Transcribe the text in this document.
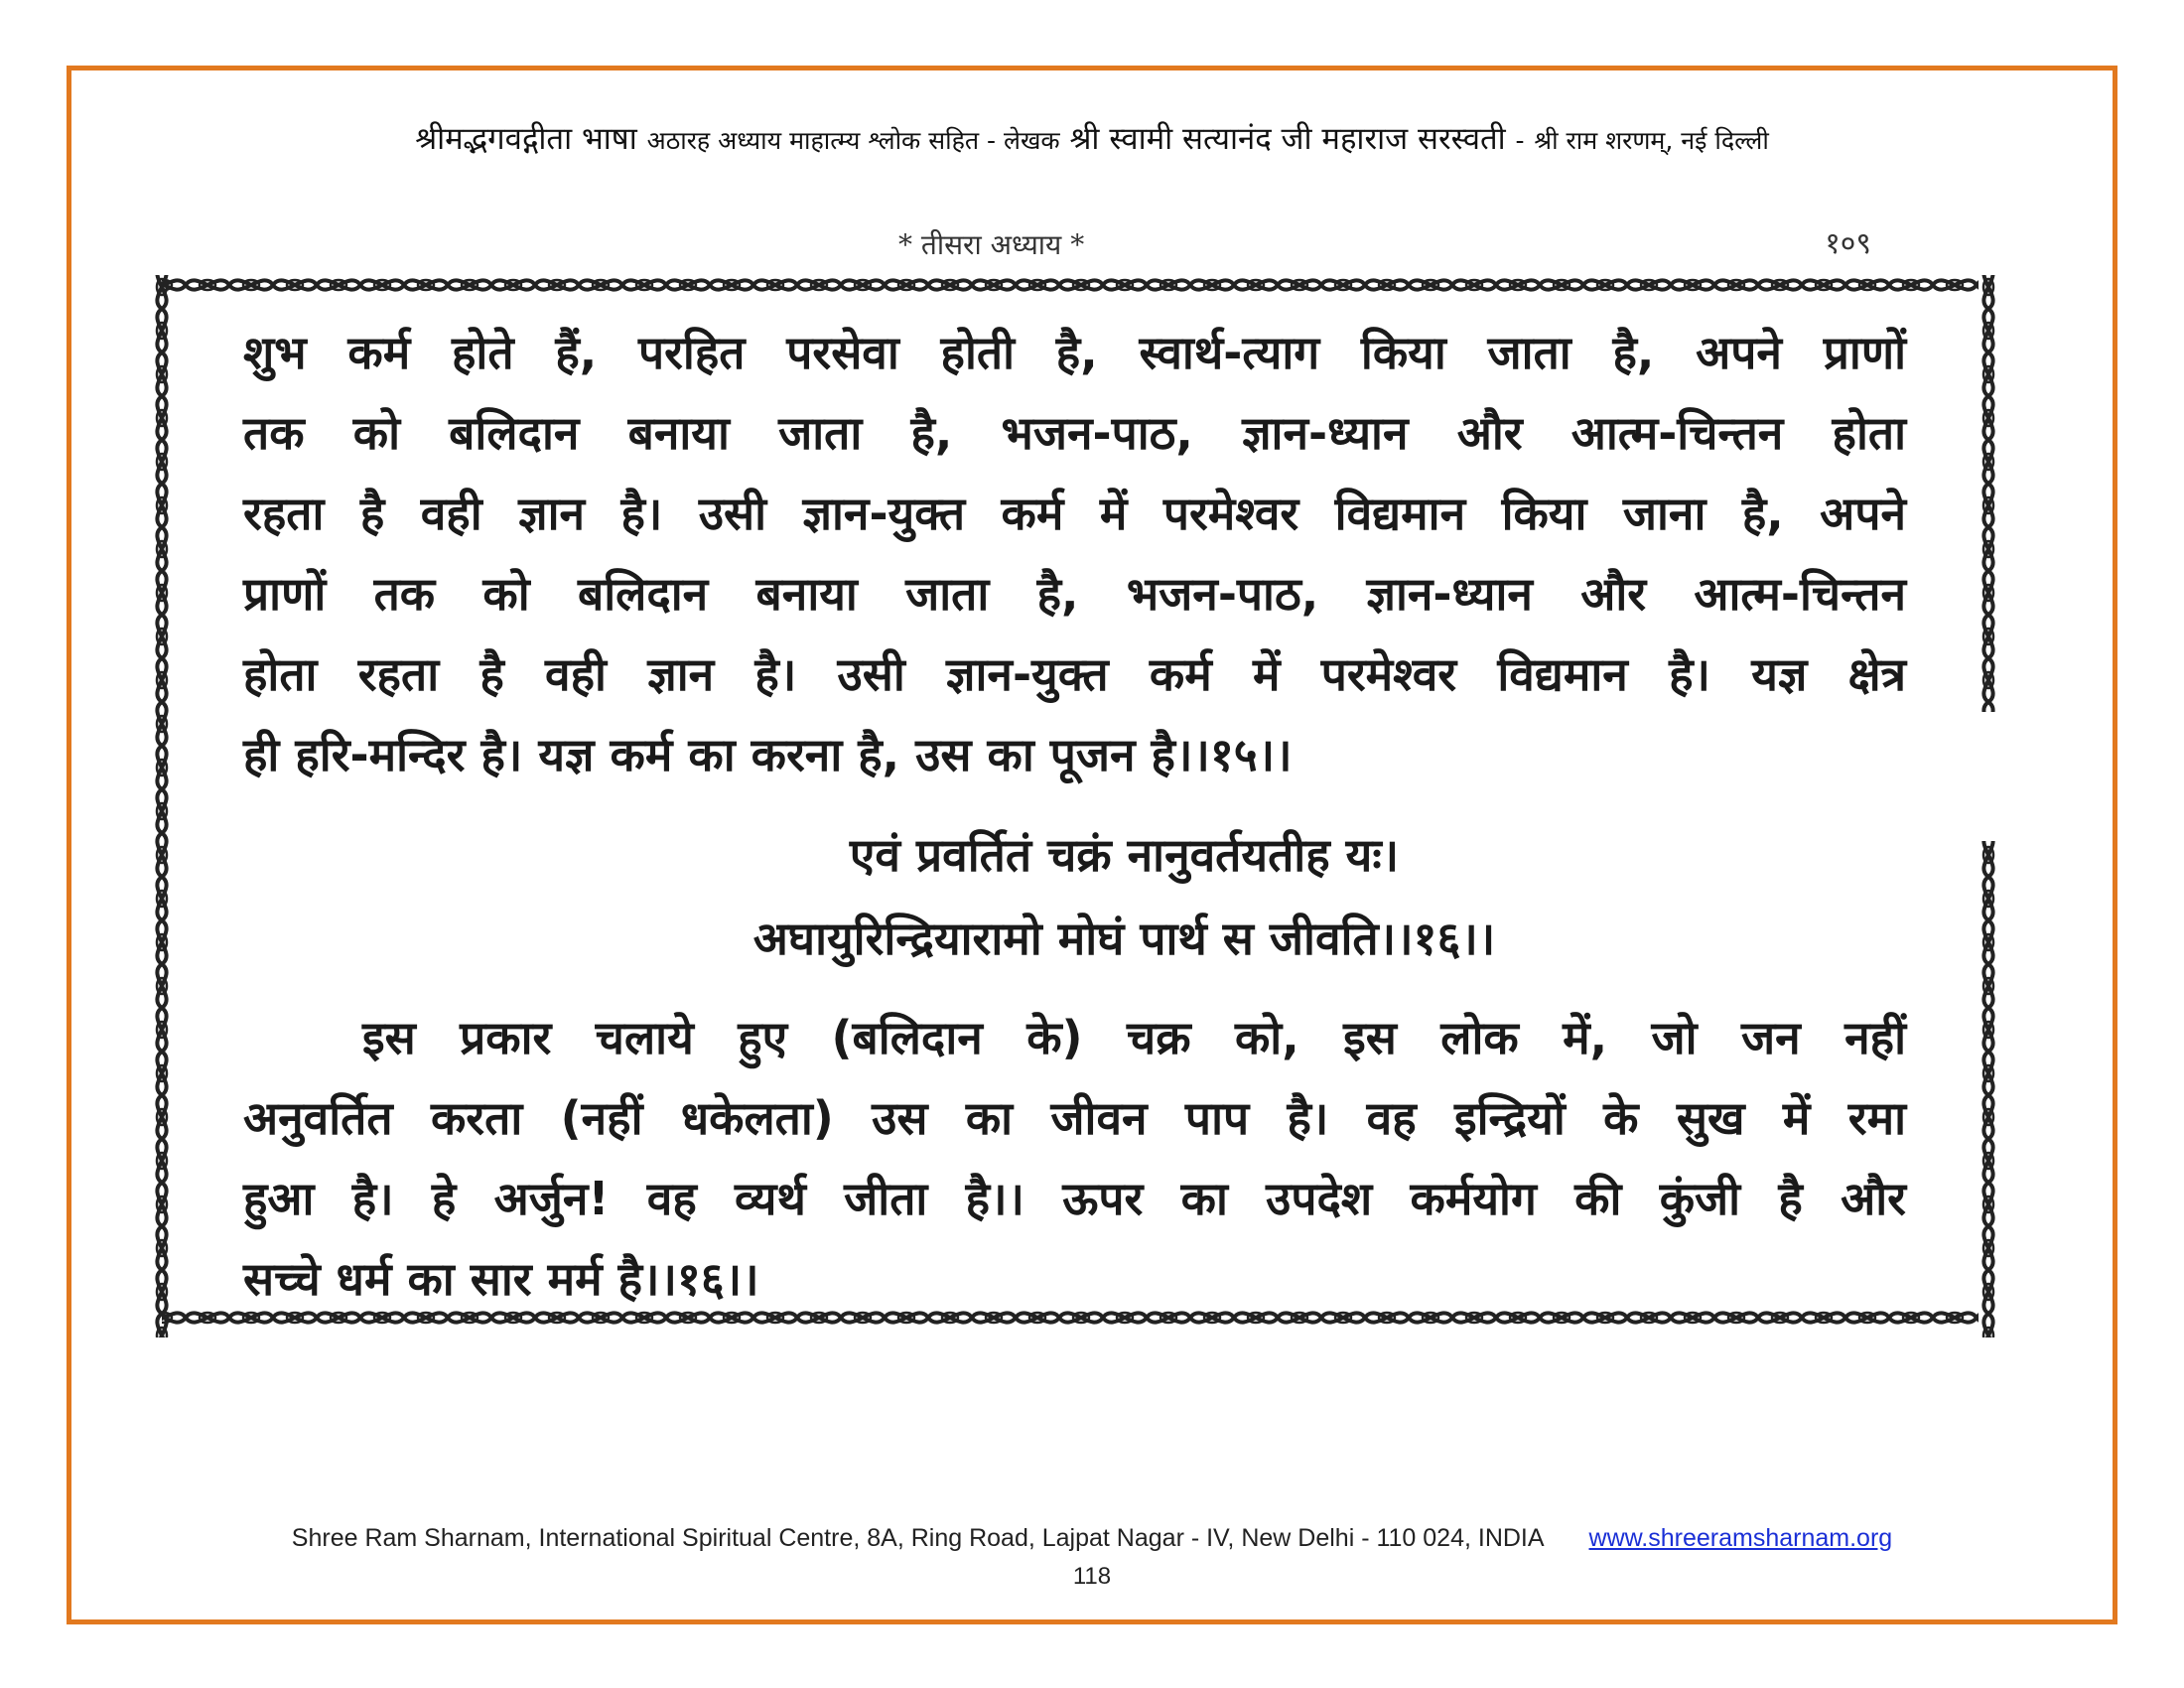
श्रीमद्भगवद्गीता भाषा अठारह अध्याय माहात्म्य श्लोक सहित - लेखक श्री स्वामी सत्यानंद जी महाराज सरस्वती - श्री राम शरणम्, नई दिल्ली
* तीसरा अध्याय *	१०९
शुभ कर्म होते हैं, परहित परसेवा होती है, स्वार्थ-त्याग किया जाता है, अपने प्राणों
तक को बलिदान बनाया जाता है, भजन-पाठ, ज्ञान-ध्यान और आत्म-चिन्तन होता
रहता है वही ज्ञान है। उसी ज्ञान-युक्त कर्म में परमेश्वर विद्यमान किया जाना है, अपने
प्राणों तक को बलिदान बनाया जाता है, भजन-पाठ, ज्ञान-ध्यान और आत्म-चिन्तन
होता रहता है वही ज्ञान है। उसी ज्ञान-युक्त कर्म में परमेश्वर विद्यमान है। यज्ञ क्षेत्र
ही हरि-मन्दिर है। यज्ञ कर्म का करना है, उस का पूजन है।।१५।।
एवं प्रवर्तितं चक्रं नानुवर्तयतीह यः।
अघायुरिन्द्रियारामो मोघं पार्थ स जीवति।।१६।।
इस प्रकार चलाये हुए (बलिदान के) चक्र को, इस लोक में, जो जन नहीं
अनुवर्तित करता (नहीं धकेलता) उस का जीवन पाप है। वह इन्द्रियों के सुख में रमा
हुआ है। हे अर्जुन! वह व्यर्थ जीता है।। ऊपर का उपदेश कर्मयोग की कुंजी है और
सच्चे धर्म का सार मर्म है।।१६।।
Shree Ram Sharnam, International Spiritual Centre, 8A, Ring Road, Lajpat Nagar - IV, New Delhi - 110 024, INDIA www.shreeramsharnam.org
118
